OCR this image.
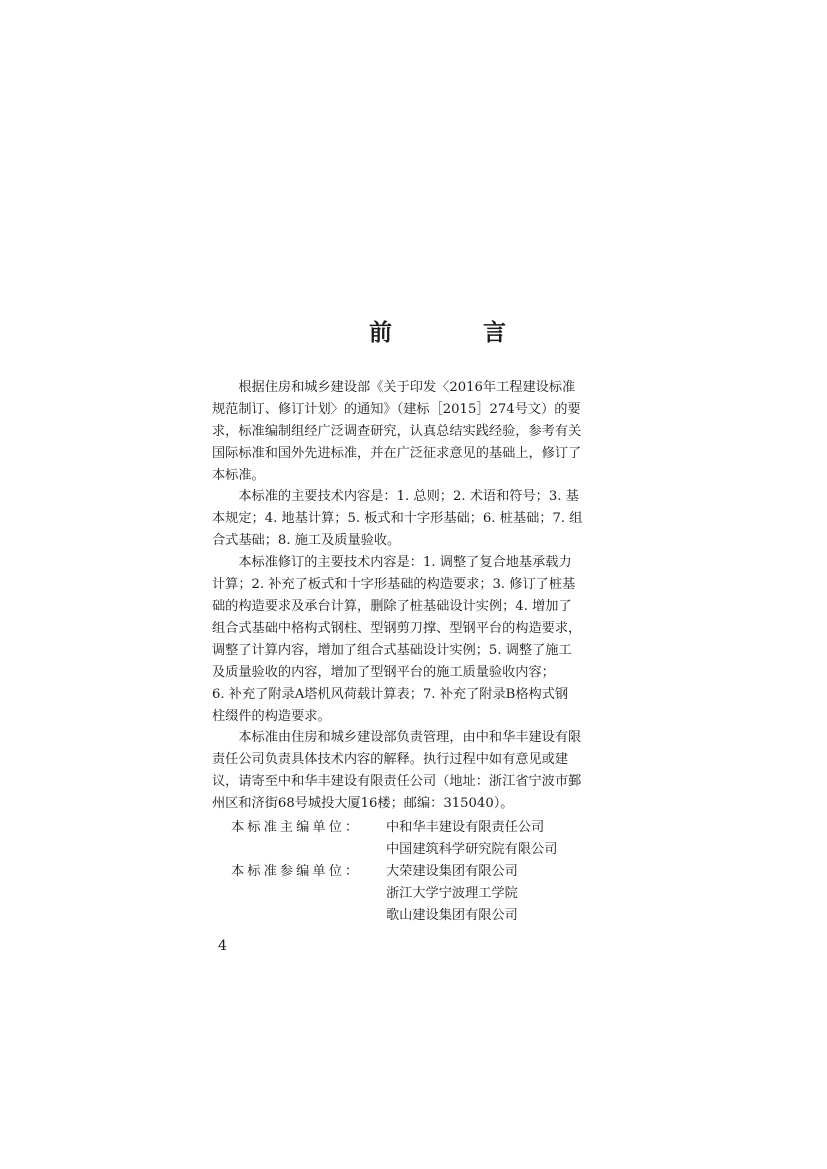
前　言
　　根据住房和城乡建设部《关于印发〈2016年工程建设标准
规范制订、修订计划〉的通知》（建标［2015］274号文）的要
求，标准编制组经广泛调查研究，认真总结实践经验，参考有关
国际标准和国外先进标准，并在广泛征求意见的基础上，修订了
本标准。
　　本标准的主要技术内容是：1. 总则；2. 术语和符号；3. 基
本规定；4. 地基计算；5. 板式和十字形基础；6. 桩基础；7. 组
合式基础；8. 施工及质量验收。
　　本标准修订的主要技术内容是：1. 调整了复合地基承载力
计算；2. 补充了板式和十字形基础的构造要求；3. 修订了桩基
础的构造要求及承台计算，删除了桩基础设计实例；4. 增加了
组合式基础中格构式钢柱、型钢剪刀撑、型钢平台的构造要求，
调整了计算内容，增加了组合式基础设计实例；5. 调整了施工
及质量验收的内容，增加了型钢平台的施工质量验收内容；
6. 补充了附录A塔机风荷载计算表；7. 补充了附录B格构式钢
柱缀件的构造要求。
　　本标准由住房和城乡建设部负责管理，由中和华丰建设有限
责任公司负责具体技术内容的解释。执行过程中如有意见或建
议，请寄至中和华丰建设有限责任公司（地址：浙江省宁波市鄞
州区和济街68号城投大厦16楼；邮编：315040）。
本标准主编单位： 中和华丰建设有限责任公司
中国建筑科学研究院有限公司
本标准参编单位： 大荣建设集团有限公司
浙江大学宁波理工学院
歌山建设集团有限公司
4
